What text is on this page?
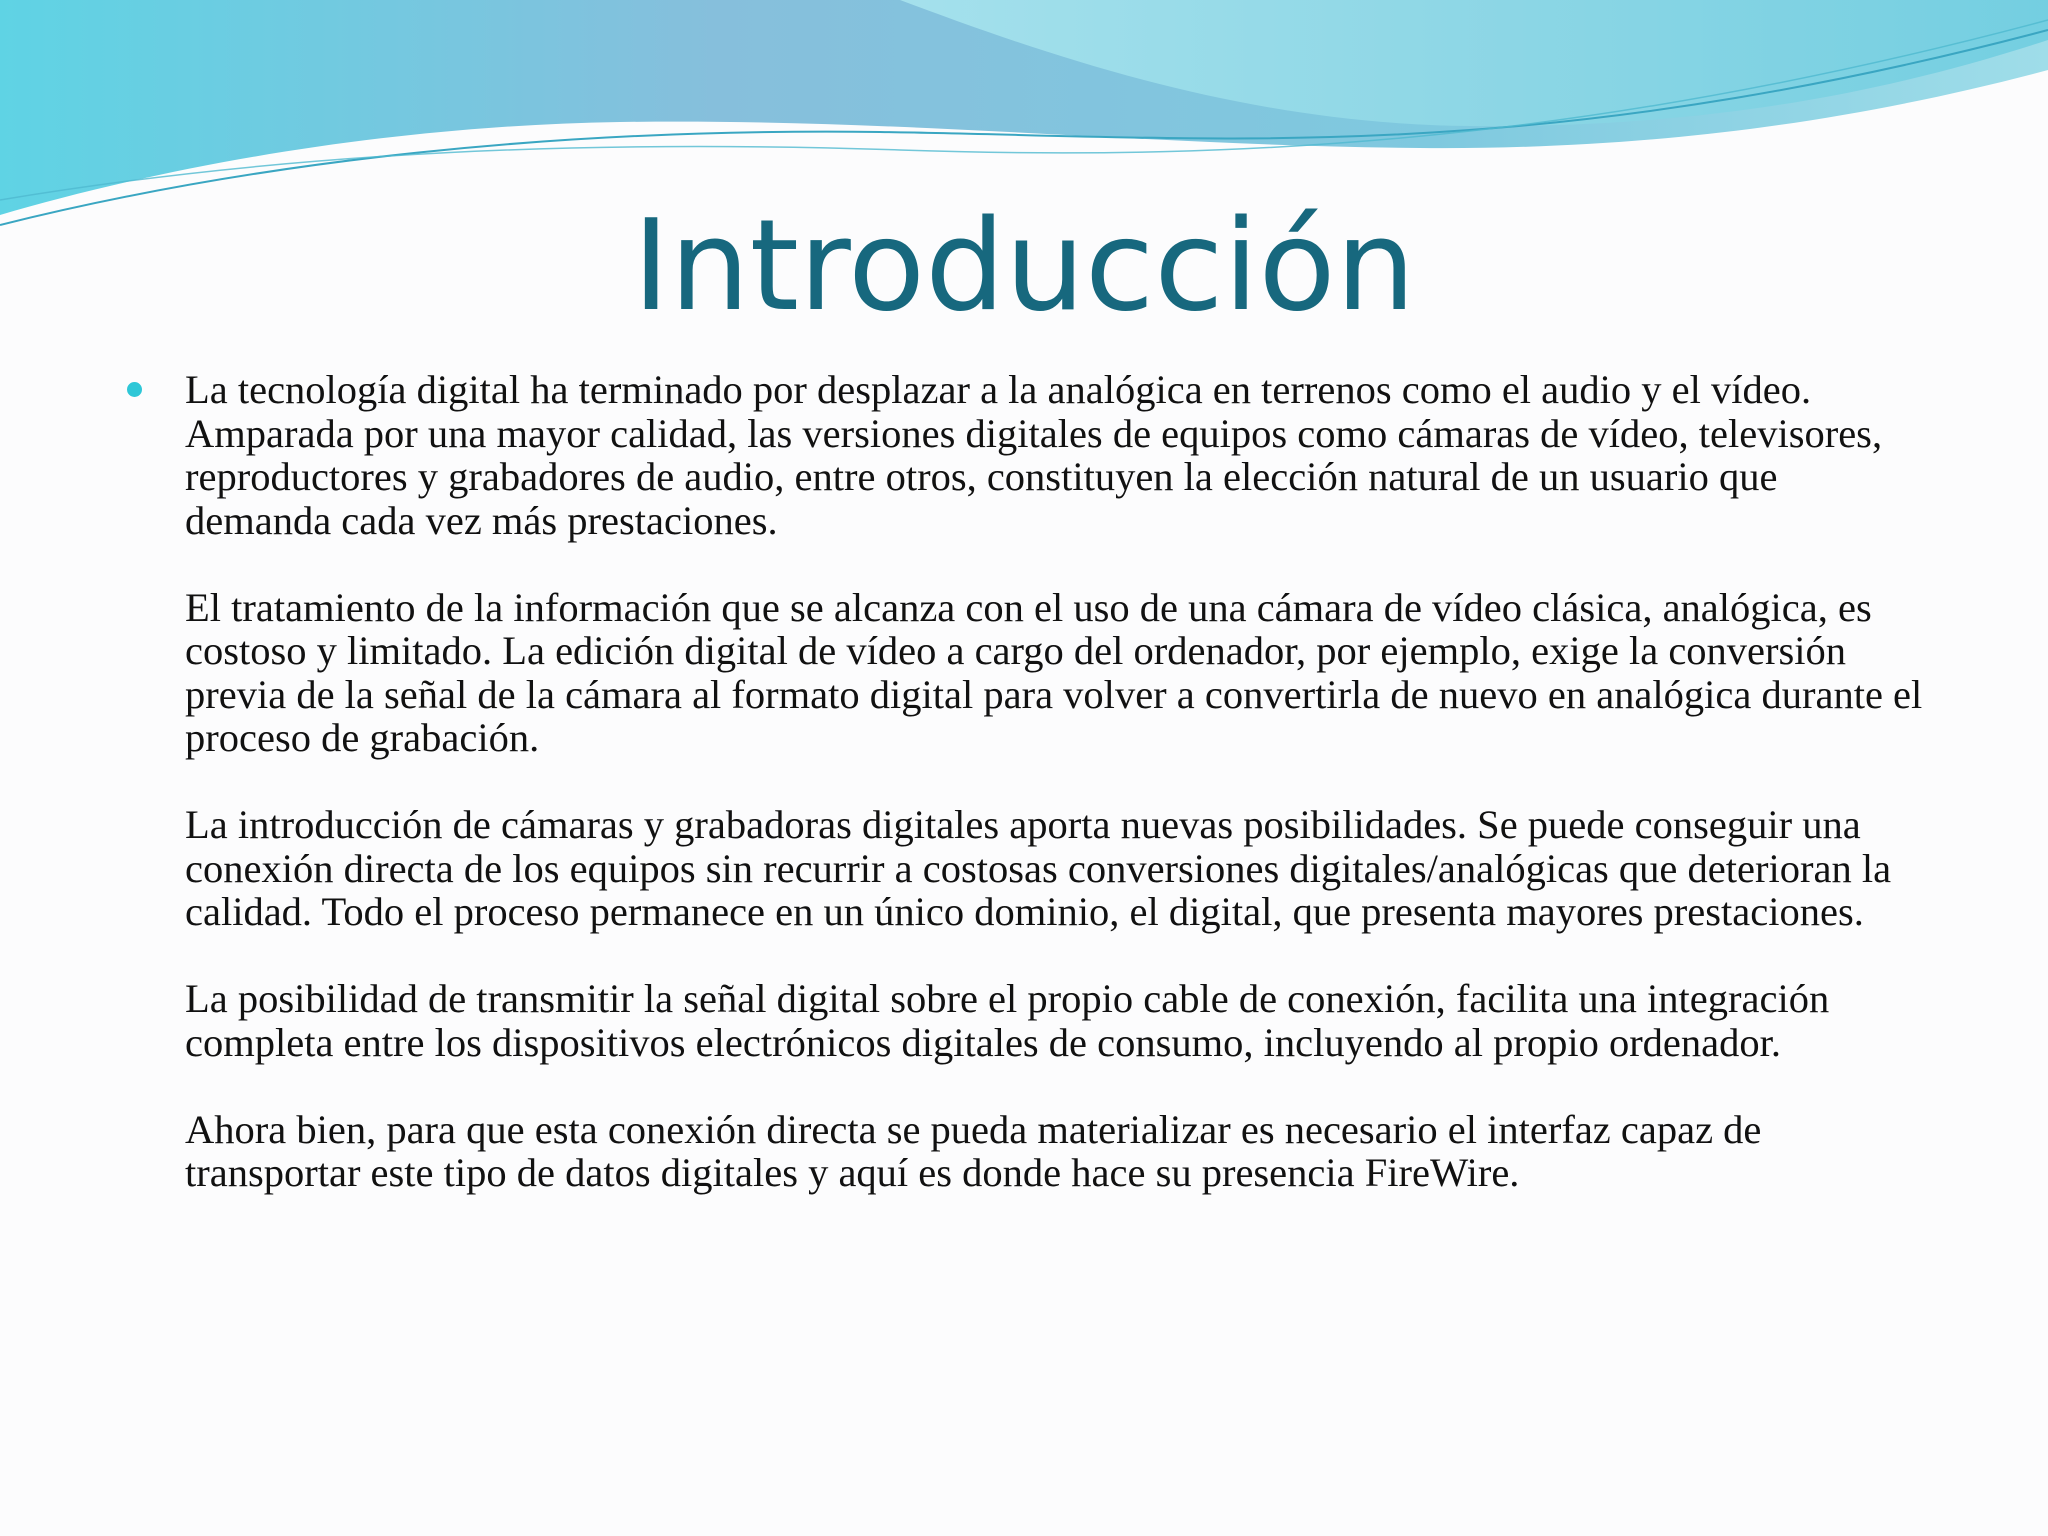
Introducción

La tecnología digital ha terminado por desplazar a la analógica en terrenos como el audio y el vídeo. Amparada por una mayor calidad, las versiones digitales de equipos como cámaras de vídeo, televisores, reproductores y grabadores de audio, entre otros, constituyen la elección natural de un usuario que demanda cada vez más prestaciones.

El tratamiento de la información que se alcanza con el uso de una cámara de vídeo clásica, analógica, es costoso y limitado. La edición digital de vídeo a cargo del ordenador, por ejemplo, exige la conversión previa de la señal de la cámara al formato digital para volver a convertirla de nuevo en analógica durante el proceso de grabación.

La introducción de cámaras y grabadoras digitales aporta nuevas posibilidades. Se puede conseguir una conexión directa de los equipos sin recurrir a costosas conversiones digitales/analógicas que deterioran la calidad. Todo el proceso permanece en un único dominio, el digital, que presenta mayores prestaciones.

La posibilidad de transmitir la señal digital sobre el propio cable de conexión, facilita una integración completa entre los dispositivos electrónicos digitales de consumo, incluyendo al propio ordenador.

Ahora bien, para que esta conexión directa se pueda materializar es necesario el interfaz capaz de transportar este tipo de datos digitales y aquí es donde hace su presencia FireWire.
